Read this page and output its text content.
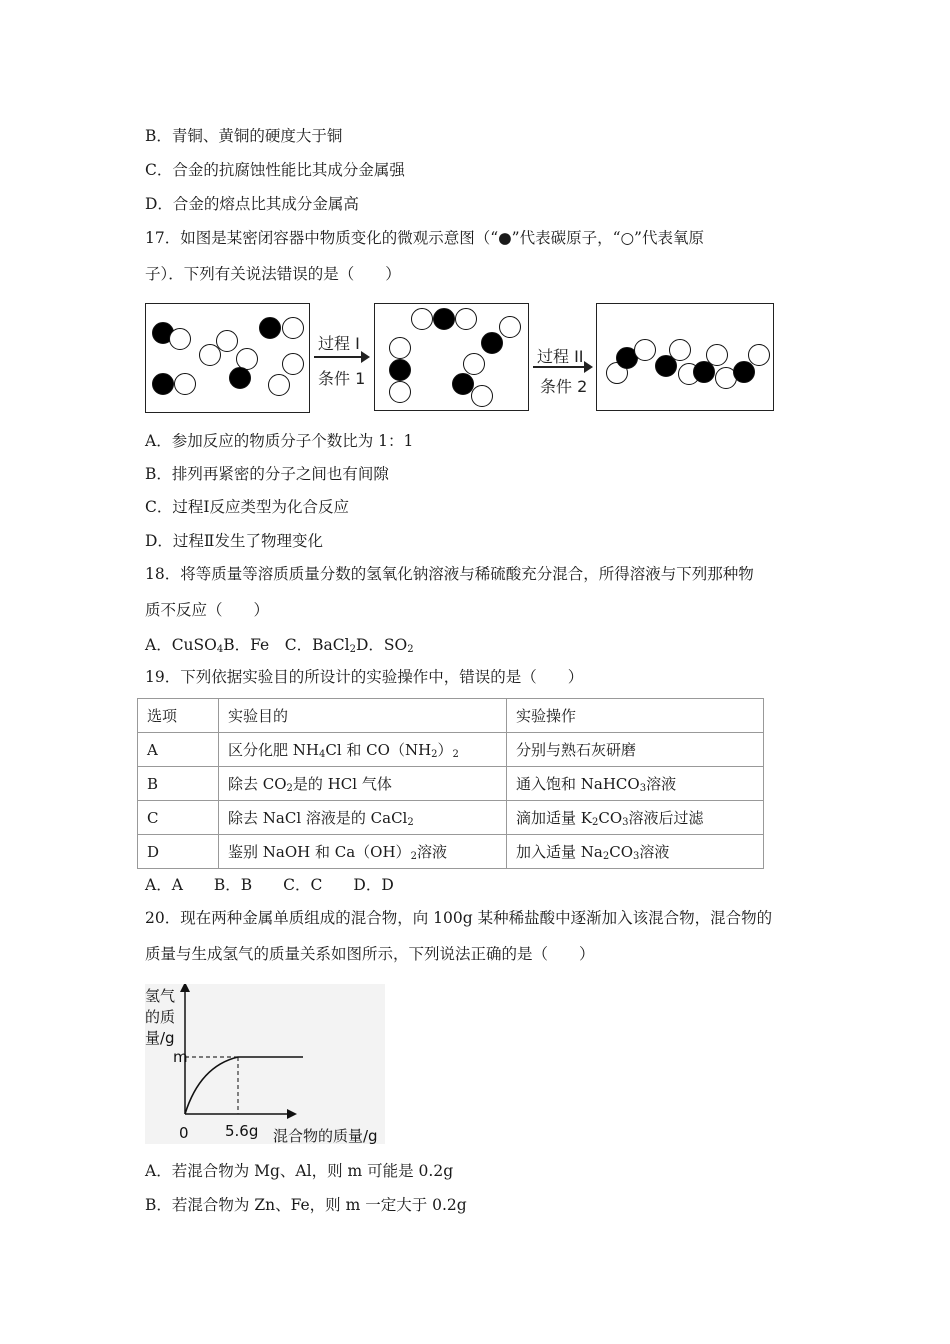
B．青铜、黄铜的硬度大于铜
C．合金的抗腐蚀性能比其成分金属强
D．合金的熔点比其成分金属高
17．如图是某密闭容器中物质变化的微观示意图（“●”代表碳原子，“○”代表氧原
子）．下列有关说法错误的是（　　）
过程 I
条件 1
过程 II
条件 2
A．参加反应的物质分子个数比为 1：1
B．排列再紧密的分子之间也有间隙
C．过程Ⅰ反应类型为化合反应
D．过程Ⅱ发生了物理变化
18．将等质量等溶质质量分数的氢氧化钠溶液与稀硫酸充分混合，所得溶液与下列那种物
质不反应（　　）
A．CuSO$_4$B．Fe　 C．BaCl$_2$D．$SO_2$
19．下列依据实验目的所设计的实验操作中，错误的是（　　）
选项	实验目的	实验操作
A	区分化肥 $NH_4Cl$ 和 $CO(NH_2)_2$	分别与熟石灰研磨
B	除去 $CO_2$是的 HCl 气体	通入饱和 NaHCO$_3$溶液
C	除去 NaCl 溶液是的 CaCl$_2$	滴加适量 $K_2CO_3$溶液后过滤
D	鉴别 NaOH 和 $Ca(OH)_2$溶液	加入适量 $Na_2CO_3$溶液
A．A　　B．B　　C．C　　D．D
20．现在两种金属单质组成的混合物，向 100g 某种稀盐酸中逐渐加入该混合物，混合物的
质量与生成氢气的质量关系如图所示，下列说法正确的是（　　）
氢气
的质
量/g
m
0 5.6g 混合物的质量/g
A．若混合物为 Mg、Al，则 m 可能是 0.2g
B．若混合物为 Zn、Fe，则 m 一定大于 0.2g
